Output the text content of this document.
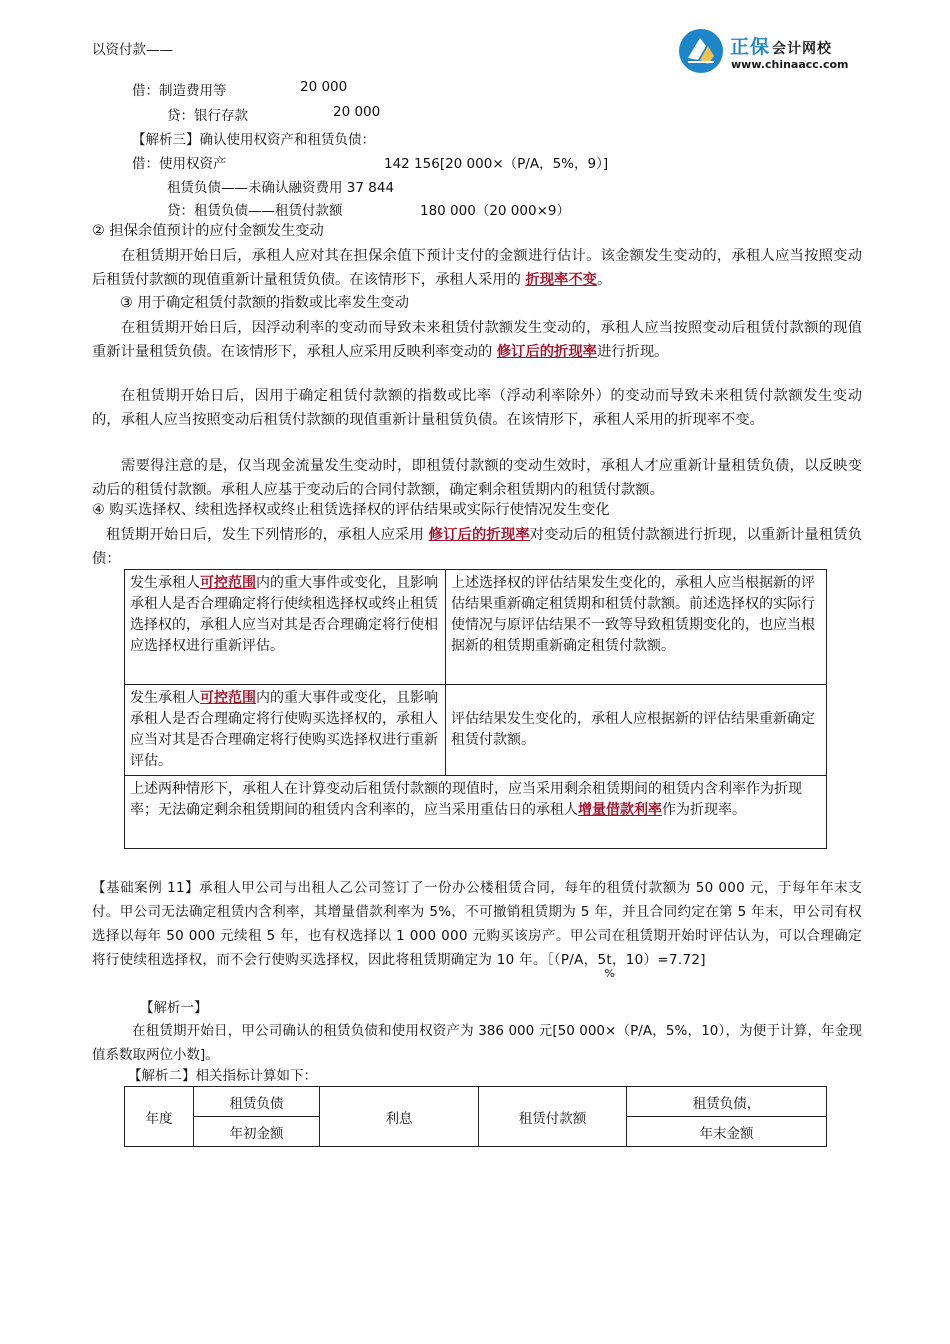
以资付款——	正保 会计网校
www.chinaacc.com
借：制造费用等	20 000
贷：银行存款	20 000
【解析三】确认使用权资产和租赁负债：
借：使用权资产	142 156[20 000×（P/A，5%，9）]
租赁负债——未确认融资费用 37 844
贷：租赁负债——租赁付款额	180 000（20 000×9）
② 担保余值预计的应付金额发生变动
在租赁期开始日后，承租人应对其在担保余值下预计支付的金额进行估计。该金额发生变动的，承租人应当按照变动后租赁付款额的现值重新计量租赁负债。在该情形下，承租人采用的 折现率不变。
③ 用于确定租赁付款额的指数或比率发生变动
在租赁期开始日后，因浮动利率的变动而导致未来租赁付款额发生变动的，承租人应当按照变动后租赁付款额的现值重新计量租赁负债。在该情形下，承租人应采用反映利率变动的 修订后的折现率进行折现。
在租赁期开始日后，因用于确定租赁付款额的指数或比率（浮动利率除外）的变动而导致未来租赁付款额发生变动的，承租人应当按照变动后租赁付款额的现值重新计量租赁负债。在该情形下，承租人采用的折现率不变。
需要得注意的是，仅当现金流量发生变动时，即租赁付款额的变动生效时，承租人才应重新计量租赁负债，以反映变动后的租赁付款额。承租人应基于变动后的合同付款额，确定剩余租赁期内的租赁付款额。
④ 购买选择权、续租选择权或终止租赁选择权的评估结果或实际行使情况发生变化
租赁期开始日后，发生下列情形的，承租人应采用 修订后的折现率对变动后的租赁付款额进行折现，以重新计量租赁负债：
发生承租人可控范围内的重大事件或变化，且影响承租人是否合理确定将行使续租选择权或终止租赁选择权的，承租人应当对其是否合理确定将行使相应选择权进行重新评估。	上述选择权的评估结果发生变化的，承租人应当根据新的评估结果重新确定租赁期和租赁付款额。前述选择权的实际行使情况与原评估结果不一致等导致租赁期变化的，也应当根据新的租赁期重新确定租赁付款额。
发生承租人可控范围内的重大事件或变化，且影响承租人是否合理确定将行使购买选择权的，承租人应当对其是否合理确定将行使购买选择权进行重新评估。	评估结果发生变化的，承租人应根据新的评估结果重新确定租赁付款额。
上述两种情形下，承租人在计算变动后租赁付款额的现值时，应当采用剩余租赁期间的租赁内含利率作为折现率；无法确定剩余租赁期间的租赁内含利率的，应当采用重估日的承租人增量借款利率作为折现率。	
【基础案例 11】承租人甲公司与出租人乙公司签订了一份办公楼租赁合同，每年的租赁付款额为 50 000 元，于每年年末支付。甲公司无法确定租赁内含利率，其增量借款利率为 5%，不可撤销租赁期为 5 年，并且合同约定在第 5 年末，甲公司有权选择以每年 50 000 元续租 5 年，也有权选择以 1 000 000 元购买该房产。甲公司在租赁期开始时评估认为，可以合理确定将行使续租选择权，而不会行使购买选择权，因此将租赁期确定为 10 年。［（P/A，5t
%
，10）=7.72]
【解析一】
在租赁期开始日，甲公司确认的租赁负债和使用权资产为 386 000 元[50 000×（P/A，5%，10），为便于计算，年金现值系数取两位小数]。
【解析二】相关指标计算如下：
年度	租赁负债	利息	租赁付款额	租赁负债，
	年初金额			年末金额
